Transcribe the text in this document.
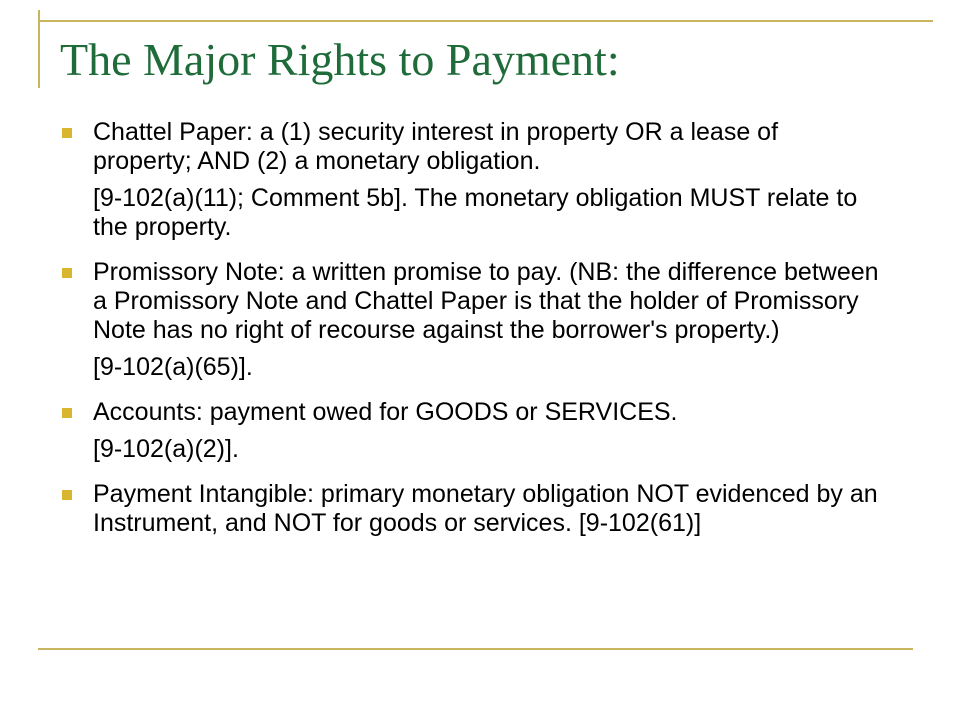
The Major Rights to Payment:

Chattel Paper: a (1) security interest in property OR a lease of property; AND (2) a monetary obligation.

[9-102(a)(11); Comment 5b]. The monetary obligation MUST relate to the property.

Promissory Note: a written promise to pay. (NB: the difference between a Promissory Note and Chattel Paper is that the holder of Promissory Note has no right of recourse against the borrower's property.)

[9-102(a)(65)].

Accounts: payment owed for GOODS or SERVICES.

[9-102(a)(2)].

Payment Intangible: primary monetary obligation NOT evidenced by an Instrument, and NOT for goods or services. [9-102(61)]
